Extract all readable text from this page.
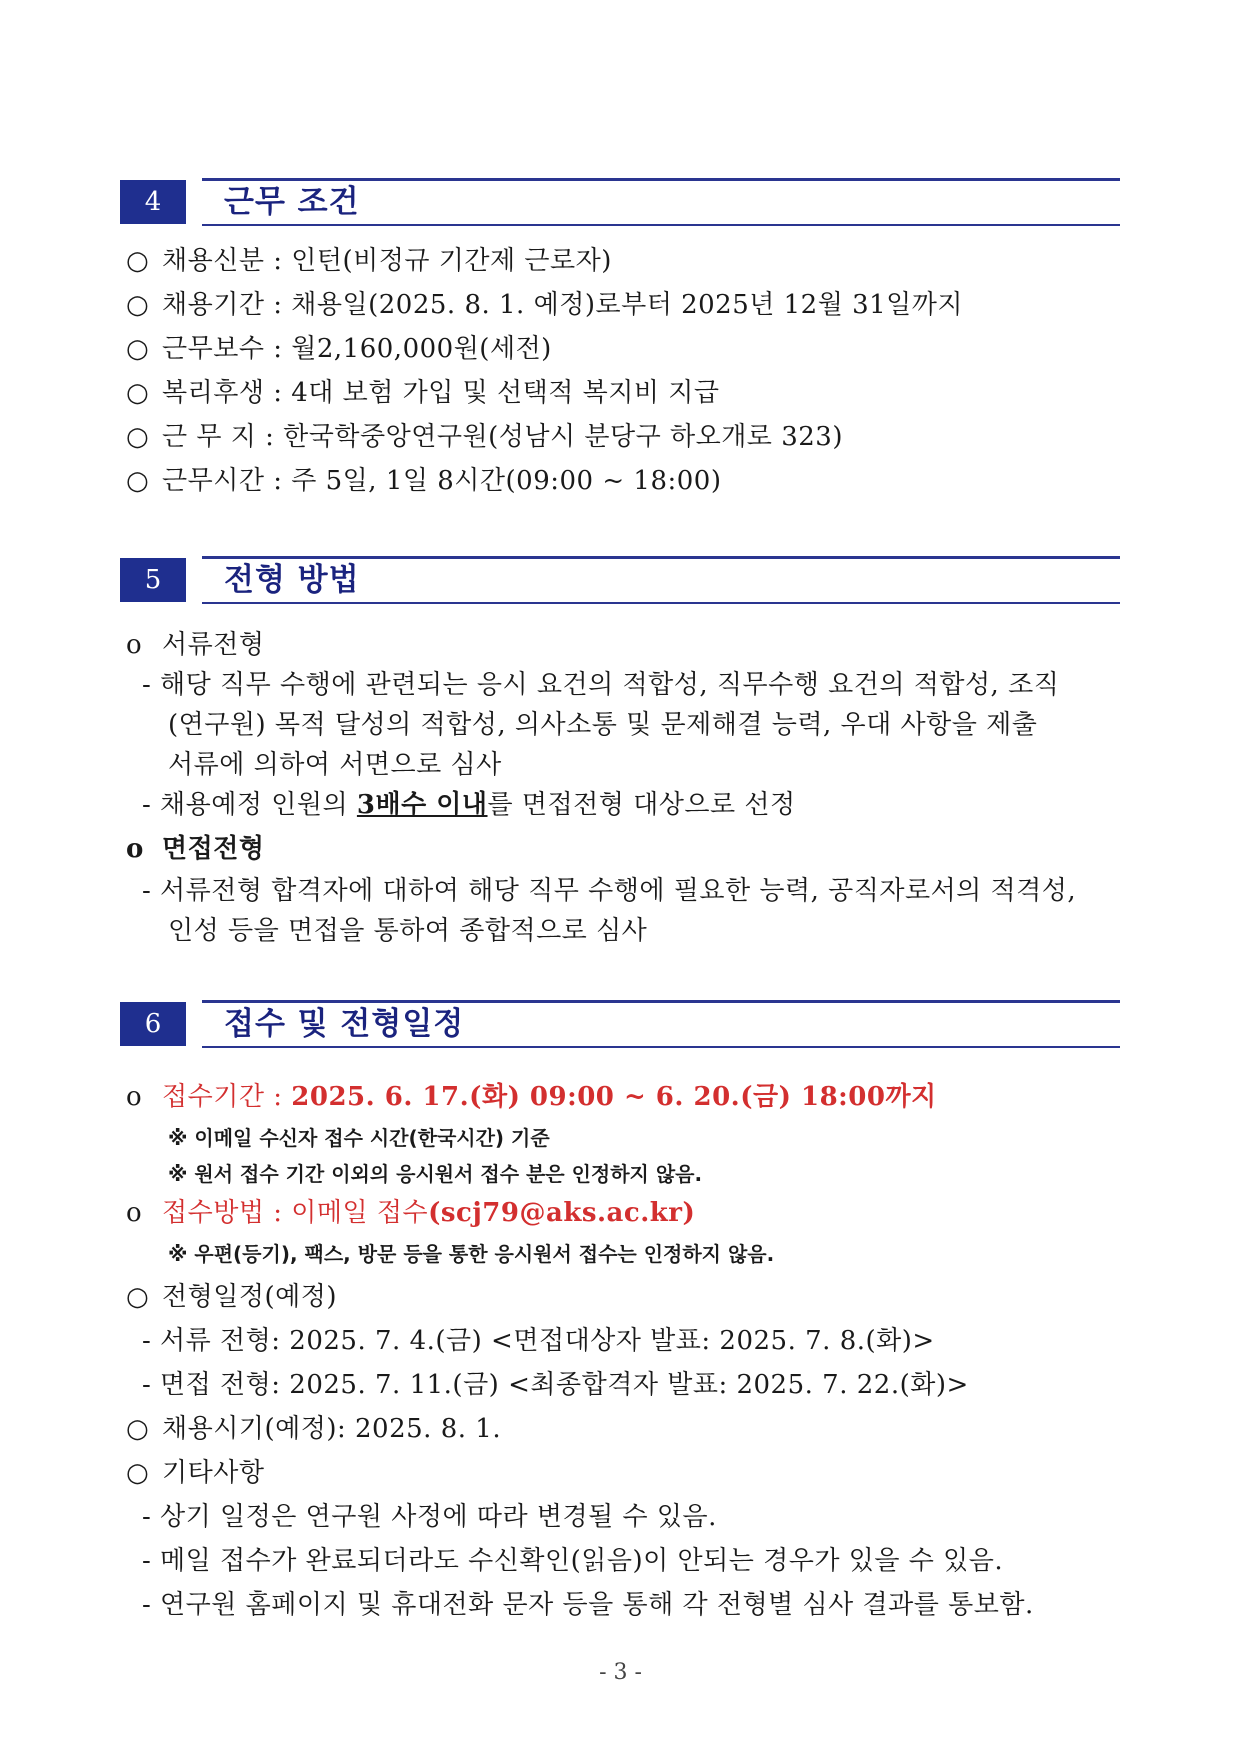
4	근무 조건
○ 채용신분 : 인턴(비정규 기간제 근로자)
○ 채용기간 : 채용일(2025. 8. 1. 예정)로부터 2025년 12월 31일까지
○ 근무보수 : 월2,160,000원(세전)
○ 복리후생 : 4대 보험 가입 및 선택적 복지비 지급
○ 근 무 지 : 한국학중앙연구원(성남시 분당구 하오개로 323)
○ 근무시간 : 주 5일, 1일 8시간(09:00 ~ 18:00)
5	전형 방법
o 서류전형
- 해당 직무 수행에 관련되는 응시 요건의 적합성, 직무수행 요건의 적합성, 조직
(연구원) 목적 달성의 적합성, 의사소통 및 문제해결 능력, 우대 사항을 제출
서류에 의하여 서면으로 심사
- 채용예정 인원의 3배수 이내를 면접전형 대상으로 선정
o 면접전형
- 서류전형 합격자에 대하여 해당 직무 수행에 필요한 능력, 공직자로서의 적격성,
인성 등을 면접을 통하여 종합적으로 심사
6	접수 및 전형일정
o 접수기간 : 2025. 6. 17.(화) 09:00 ~ 6. 20.(금) 18:00까지
※ 이메일 수신자 접수 시간(한국시간) 기준
※ 원서 접수 기간 이외의 응시원서 접수 분은 인정하지 않음.
o 접수방법 : 이메일 접수(scj79@aks.ac.kr)
※ 우편(등기), 팩스, 방문 등을 통한 응시원서 접수는 인정하지 않음.
○ 전형일정(예정)
- 서류 전형: 2025. 7. 4.(금) <면접대상자 발표: 2025. 7. 8.(화)>
- 면접 전형: 2025. 7. 11.(금) <최종합격자 발표: 2025. 7. 22.(화)>
○ 채용시기(예정): 2025. 8. 1.
○ 기타사항
- 상기 일정은 연구원 사정에 따라 변경될 수 있음.
- 메일 접수가 완료되더라도 수신확인(읽음)이 안되는 경우가 있을 수 있음.
- 연구원 홈페이지 및 휴대전화 문자 등을 통해 각 전형별 심사 결과를 통보함.
- 3 -
